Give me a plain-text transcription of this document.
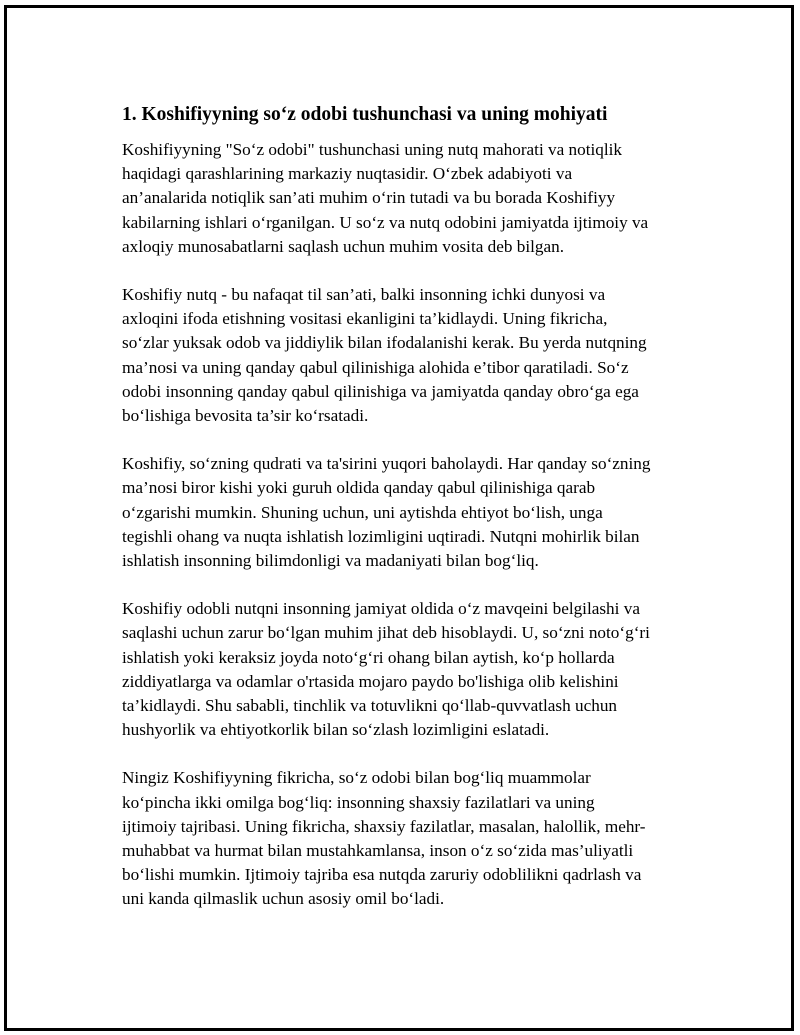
1. Koshifiyyning so‘z odobi tushunchasi va uning mohiyati
Koshifiyyning "So‘z odobi" tushunchasi uning nutq mahorati va notiqlik
haqidagi qarashlarining markaziy nuqtasidir. O‘zbek adabiyoti va
an’analarida notiqlik san’ati muhim o‘rin tutadi va bu borada Koshifiyy
kabilarning ishlari o‘rganilgan. U so‘z va nutq odobini jamiyatda ijtimoiy va
axloqiy munosabatlarni saqlash uchun muhim vosita deb bilgan.
Koshifiy nutq - bu nafaqat til san’ati, balki insonning ichki dunyosi va
axloqini ifoda etishning vositasi ekanligini ta’kidlaydi. Uning fikricha,
so‘zlar yuksak odob va jiddiylik bilan ifodalanishi kerak. Bu yerda nutqning
ma’nosi va uning qanday qabul qilinishiga alohida e’tibor qaratiladi. So‘z
odobi insonning qanday qabul qilinishiga va jamiyatda qanday obro‘ga ega
bo‘lishiga bevosita ta’sir ko‘rsatadi.
Koshifiy, so‘zning qudrati va ta'sirini yuqori baholaydi. Har qanday so‘zning
ma’nosi biror kishi yoki guruh oldida qanday qabul qilinishiga qarab
o‘zgarishi mumkin. Shuning uchun, uni aytishda ehtiyot bo‘lish, unga
tegishli ohang va nuqta ishlatish lozimligini uqtiradi. Nutqni mohirlik bilan
ishlatish insonning bilimdonligi va madaniyati bilan bog‘liq.
Koshifiy odobli nutqni insonning jamiyat oldida o‘z mavqeini belgilashi va
saqlashi uchun zarur bo‘lgan muhim jihat deb hisoblaydi. U, so‘zni noto‘g‘ri
ishlatish yoki keraksiz joyda noto‘g‘ri ohang bilan aytish, ko‘p hollarda
ziddiyatlarga va odamlar o'rtasida mojaro paydo bo'lishiga olib kelishini
ta’kidlaydi. Shu sababli, tinchlik va totuvlikni qo‘llab-quvvatlash uchun
hushyorlik va ehtiyotkorlik bilan so‘zlash lozimligini eslatadi.
Ningiz Koshifiyyning fikricha, so‘z odobi bilan bog‘liq muammolar
ko‘pincha ikki omilga bog‘liq: insonning shaxsiy fazilatlari va uning
ijtimoiy tajribasi. Uning fikricha, shaxsiy fazilatlar, masalan, halollik, mehr-
muhabbat va hurmat bilan mustahkamlansa, inson o‘z so‘zida mas’uliyatli
bo‘lishi mumkin. Ijtimoiy tajriba esa nutqda zaruriy odoblilikni qadrlash va
uni kanda qilmaslik uchun asosiy omil bo‘ladi.
